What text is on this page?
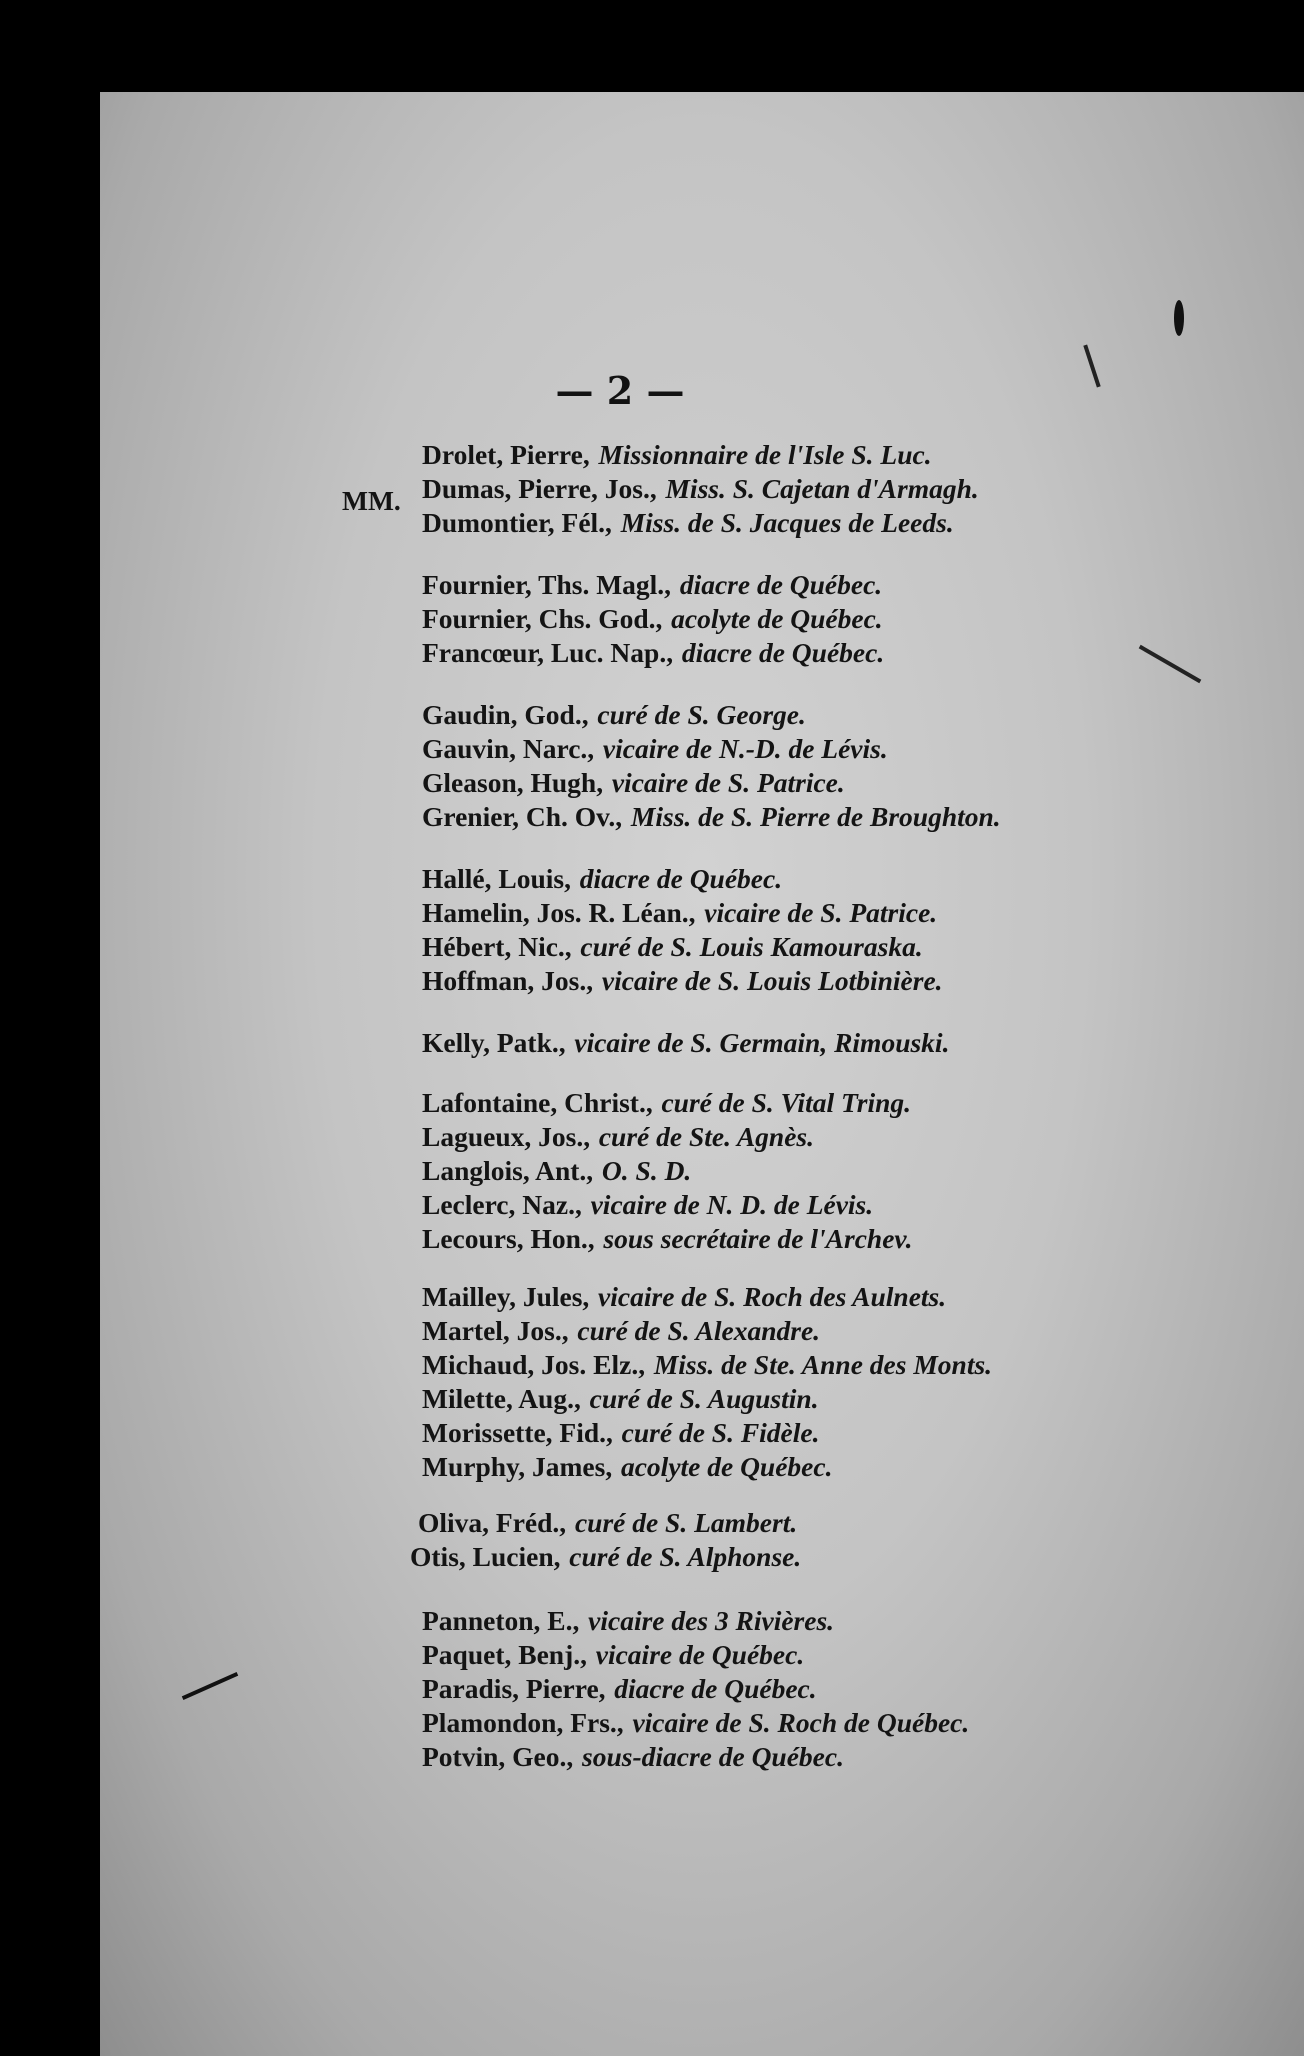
— 2 —
MM.
Drolet, Pierre, Missionnaire de l'Isle S. Luc.
Dumas, Pierre, Jos., Miss. S. Cajetan d'Armagh.
Dumontier, Fél., Miss. de S. Jacques de Leeds.
Fournier, Ths. Magl., diacre de Québec.
Fournier, Chs. God., acolyte de Québec.
Francœur, Luc. Nap., diacre de Québec.
Gaudin, God., curé de S. George.
Gauvin, Narc., vicaire de N.-D. de Lévis.
Gleason, Hugh, vicaire de S. Patrice.
Grenier, Ch. Ov., Miss. de S. Pierre de Broughton.
Hallé, Louis, diacre de Québec.
Hamelin, Jos. R. Léan., vicaire de S. Patrice.
Hébert, Nic., curé de S. Louis Kamouraska.
Hoffman, Jos., vicaire de S. Louis Lotbinière.
Kelly, Patk., vicaire de S. Germain, Rimouski.
Lafontaine, Christ., curé de S. Vital Tring.
Lagueux, Jos., curé de Ste. Agnès.
Langlois, Ant., O. S. D.
Leclerc, Naz., vicaire de N. D. de Lévis.
Lecours, Hon., sous secrétaire de l'Archev.
Mailley, Jules, vicaire de S. Roch des Aulnets.
Martel, Jos., curé de S. Alexandre.
Michaud, Jos. Elz., Miss. de Ste. Anne des Monts.
Milette, Aug., curé de S. Augustin.
Morissette, Fid., curé de S. Fidèle.
Murphy, James, acolyte de Québec.
Oliva, Fréd., curé de S. Lambert.
Otis, Lucien, curé de S. Alphonse.
Panneton, E., vicaire des 3 Rivières.
Paquet, Benj., vicaire de Québec.
Paradis, Pierre, diacre de Québec.
Plamondon, Frs., vicaire de S. Roch de Québec.
Potvin, Geo., sous-diacre de Québec.
